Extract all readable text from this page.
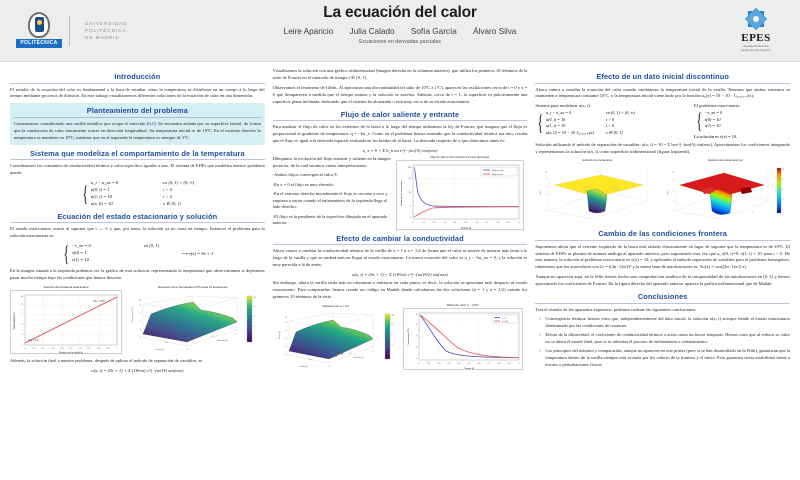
POLITÉCNICA
UNIVERSIDAD
POLITÉCNICA
DE MADRID
La ecuación del calor
Leire Aparicio Julia Calado Sofía García Álvaro Silva
Ecuaciones en derivadas parciales	EPES
Escuela Politécnica
de Excelencia Superior
Introducción

El estudio de la ecuación del calor es fundamental a la hora de estudiar cómo la temperatura se distribuye en un cuerpo a lo largo del tiempo mediante procesos de difusión. En este trabajo visualizaremos diferentes soluciones de la ecuación de calor en una dimensión.

Planteamiento del problema

Comenzamos considerando una varilla metálica que ocupa el intervalo [0,1]. Se encuentra aislada por su superficie lateral, de forma que la conducción de calor únicamente ocurre en dirección longitudinal. Su temperatura inicial es de 10ºC. En el extremo derecho la temperatura se mantiene en 10ºC, mientras que en el izquierdo la temperatura es siempre de 1ºC.

Sistema que modeliza el comportamiento de la temperatura

Consideramos las constantes de conductividad térmica y calor específico iguales a uno. El sistema de EDPs que modeliza nuestro problema queda:

{ u_t − u_xx = 0	en (0, 1) × (0, ∞)
u(0, t) = 1	t > 0
u(1, t) = 10	t > 0
u(x, 0) = 10	x ∈ [0, 1]
Ecuación del estado estacionario y solución

El estado estacionario ocurre al suponer que t → ∞ y que, por tanto, la solución ya no varía en tiempo. Entonces el problema para la solución estacionaria es:

{ −v_xx = 0	en (0, 1)
v(0) = 1
v(1) = 10
⟶ v(x) = 9x + 1

En la imagen situada a la izquierda podemos ver la gráfica de esta solución, representando la temperatura que observaríamos si dejáramos pasar mucho tiempo bajo las condiciones que hemos descrito.

Solución del problema estacionario
v(1) = 10ºC
v(0) = 1ºC
0	0.1	0.2	0.3	0.4	0.5	0.6	0.7	0.8	0.9	1
1
3
5
7
9
10
Posición en la varilla (x)
Temperatura (ºC)
Evolución de la Temperatura (Primeras 10 iteraciones)
Tiempo (t)
Posición (x)
Temperatura (ºC)
0.5
0.5
0
1
0
2
4
6
8
10
10
8
6
4
2

Además, la solución final a nuestro problema, después de aplicar el método de separación de variables, es

u(x, t) = (9x + 1) + Σ (18/nπ) e^(−(nπ)²t) sin(nπx)

Visualizamos la solución con una gráfica tridimensional (imagen derecha en la columna anterior), que utiliza los primeros 10 términos de la serie de Fourier en el intervalo de tiempo t ∈ [0, 1].

Observamos el fenómeno de Gibbs. Al aproximar una discontinuidad (el salto de 10ºC a 1ºC), aparecen las oscilaciones cerca de t = 0 y x = 0 que desaparecen a medida que el tiempo avanza y la solución se suaviza. Además, cerca de t = 1, la superficie es prácticamente una superficie plana inclinada, indicando que el sistema ha alcanzado o está muy cerca de su estado estacionario.

Flujo de calor saliente y entrante

Para analizar el flujo de calor en los extremos de la barra a lo largo del tiempo utilizamos la ley de Fourier, que asegura que el flujo es proporcional al gradiente de temperatura: q = −ku_x. Como en el problema hemos asumido que la conductividad térmica era uno, resulta que el flujo es igual a la derivada espacial evaluada en los bordes de la barra. La derivada respecto de x que obtuvimos antes es:

u_x = 9 + Σ b_n nπ e^(−(nπ)²t) cos(nπx)

Dibujamos la evolución del flujo entrante y saliente en la imagen posterior, de la cual sacamos varias interpretaciones:

-Ambos flujos convergen al valor 9.

-En x = 0 el flujo es muy elevado.

-En el extremo derecho inicialmente el flujo es cercano a cero y empieza a variar cuando el enfriamiento de la izquierda llega al lado derecho.

-El flujo es la pendiente de la superficie dibujada en el apartado anterior.

Flujo de calor en los extremos a lo largo del tiempo
Flujo en x=0
Flujo en x=1
0	0.1	0.2	0.3	0.4	0.5	0.6	0.7	0.8	0.9	1
100
60
30
9
0
Tiempo (t)
Gradiente de Temperatura
Efecto de cambiar la conductividad

Ahora vamos a cambiar la conductividad térmica de la varilla de a = 1 a a = 1/2 de forma que el calor se mueve de manera más lenta a lo largo de la varilla y que se tardará más en llegar al estado estacionario. La nueva ecuación del calor es u_t − ½u_xx = 0, y la solución es muy parecida a la de antes:

u(x, t) = (9x + 1) + Σ (18/nπ) e^(−(nπ)²t/2) sin(nπx)

Sin embargo, ahora la varilla tarda más en calentarse o enfriarse en cada punto, es decir, la solución se aproxima más despacio al estado estacionario. Para compararlas, hemos creado un código en Matlab donde calculamos las dos soluciones (a = 1 y a = 1/2) usando los primeros 10 términos de la serie.

Solución con a = 1/2
Tiempo (t)
Posición (x)
Temp (y)
0.5
0.5
0
1
0
2
4
6
8
10
10
8
6
4
2
Diferencia: u(0.5, t) − v(0.5)
a = 1
a = 1/2
0	0.1	0.2	0.3	0.4	0.5	0.6	0.7	0.8	0.9	1
5
4
3
2
0
Tiempo (t)
Temperatura (ºC)
Efecto de un dato inicial discontinuo

Ahora vamos a estudiar la ecuación del calor cuando cambiamos la temperatura inicial de la varilla. Tenemos que ambos extremos se mantienen a temperatura constante 10ºC, y la temperatura inicial viene dado por la función u₀(x) = 10 − 10 · 1₍₀.₃,₀.₇₎(x).

Sistema para modelizar u(x, t):
{ u_t − u_xx = 0	en (0, 1) × (0, ∞)
u(0, t) = 10	t > 0
u(1, t) = 10	t > 0
u(x, 0) = 10 − 10 1₍₀.₃,₀.₇₎(x)	x ∈ [0, 1]
El problema estacionario:
{ −v_xx = 0
v(0) = 10	.
v(1) = 10
La solución es v(x) = 10.

Solución utilizando el método de separación de variables: u(x, t) = 10 + Σ bₙe^(−(nπ)²t) sin(nπx). Aproximamos los coeficientes integrando y representamos la solución u(x, t) como superficie tridimensional (figura izquierda).

Evolución de la temperatura
t
x
u(x,t)
0
2
4
6
8
10
Evolución de la temperatura (jet)
t
x
u(x,t)
0
3
5
8
10
10
8
5
3
0
Cambio de las condiciones frontera

Suponemos ahora que el extremo izquierdo de la barra está aislado térmicamente en lugar de suponer que la temperatura es de 10ºC. El sistema de EDPs se plantea de manera análoga al apartado anterior, pero suponiendo esta vez que u_x(0, t)=0, u(1, t) = 10, para t > 0. De esta manera, la solución al problema estacionario es v(x) = 10, y aplicando el método separación de variables para el problema homogéneo, obtenemos que los autovalores son λₙ = ((2n−1)π/2)² y la nueva base de autofunciones es: Xₙ(x) = cos((2n−1)π/2 x).

Aunque no aparecen aquí, en la Wiki hemos hecho una comprobación analítica de la ortogonalidad de las autofunciones en [0, 1] y hemos aproximado los coeficientes de Fourier. En la figura derecha del apartado anterior aparece la gráfica tridimensional que de Matlab

Conclusiones

Tras el estudio de los apartados expuestos, podemos realizar las siguientes conclusiones:

▪ Convergencia térmica: hemos visto que, independientemente del dato inicial, la solución u(x, t) siempre tiende al estado estacionario determinado por las condiciones de contorno.
▪ Efecto de la difusividad: el coeficiente de conductividad térmica a actúa como un factor temporal. Hemos visto que al reducir su valor no se altera el estado final, pero sí se ralentiza el proceso de enfriamiento o calentamiento.
▪ Los principios del máximo y comparación, aunque no aparecen en este póster (pero sí se han desarrollado en la Wiki), garantizan que la temperatura dentro de la varilla siempre está acotada por los valores de la frontera y el inicio. Esto garantiza cierta estabilidad frente a errores o perturbaciones físicas.
